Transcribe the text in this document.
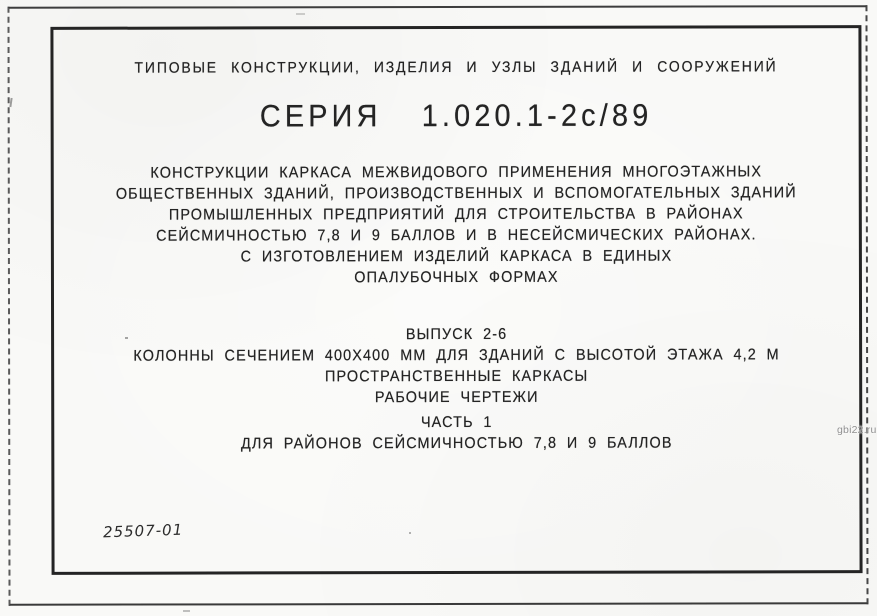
ТИПОВЫЕ КОНСТРУКЦИИ, ИЗДЕЛИЯ И УЗЛЫ ЗДАНИЙ И СООРУЖЕНИЙ
СЕРИЯ 1.020.1-2с/89
КОНСТРУКЦИИ КАРКАСА МЕЖВИДОВОГО ПРИМЕНЕНИЯ МНОГОЭТАЖНЫХ
ОБЩЕСТВЕННЫХ ЗДАНИЙ, ПРОИЗВОДСТВЕННЫХ И ВСПОМОГАТЕЛЬНЫХ ЗДАНИЙ
ПРОМЫШЛЕННЫХ ПРЕДПРИЯТИЙ ДЛЯ СТРОИТЕЛЬСТВА В РАЙОНАХ
СЕЙСМИЧНОСТЬЮ 7,8 И 9 БАЛЛОВ И В НЕСЕЙСМИЧЕСКИХ РАЙОНАХ.
С ИЗГОТОВЛЕНИЕМ ИЗДЕЛИЙ КАРКАСА В ЕДИНЫХ
ОПАЛУБОЧНЫХ ФОРМАХ
ВЫПУСК 2-6
КОЛОННЫ СЕЧЕНИЕМ 400Х400 ММ ДЛЯ ЗДАНИЙ С ВЫСОТОЙ ЭТАЖА 4,2 М
ПРОСТРАНСТВЕННЫЕ КАРКАСЫ
РАБОЧИЕ ЧЕРТЕЖИ
ЧАСТЬ 1
ДЛЯ РАЙОНОВ СЕЙСМИЧНОСТЬЮ 7,8 И 9 БАЛЛОВ
25507-01
gbi22.ru
